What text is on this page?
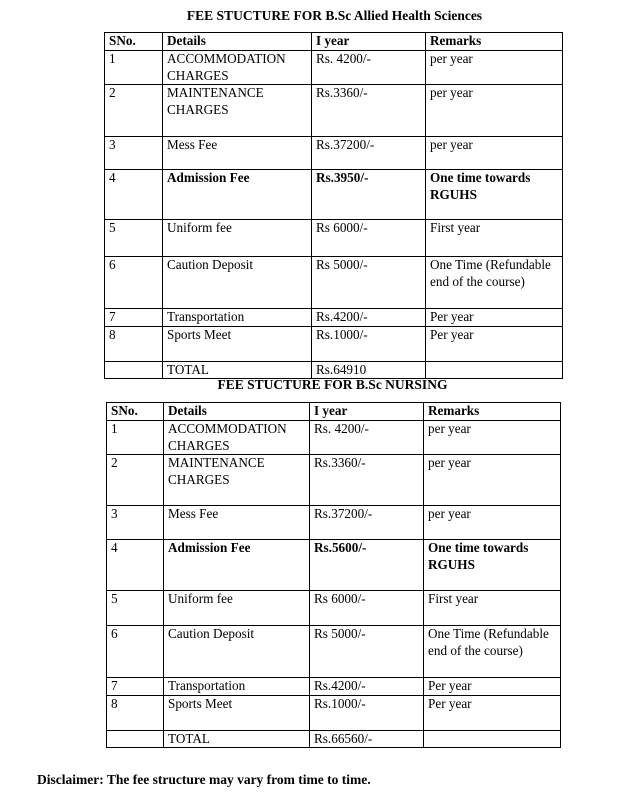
FEE STUCTURE FOR B.Sc Allied Health Sciences
SNo.	Details	I year	Remarks
1	ACCOMMODATION CHARGES	Rs. 4200/-	per year
2	MAINTENANCE CHARGES	Rs.3360/-	per year
3	Mess Fee	Rs.37200/-	per year
4	Admission Fee	Rs.3950/-	One time towards RGUHS
5	Uniform fee	Rs 6000/-	First year
6	Caution Deposit	Rs 5000/-	One Time (Refundable end of the course)
7	Transportation	Rs.4200/-	Per year
8	Sports Meet	Rs.1000/-	Per year
	TOTAL	Rs.64910	
FEE STUCTURE FOR B.Sc NURSING
SNo.	Details	I year	Remarks
1	ACCOMMODATION CHARGES	Rs. 4200/-	per year
2	MAINTENANCE CHARGES	Rs.3360/-	per year
3	Mess Fee	Rs.37200/-	per year
4	Admission Fee	Rs.5600/-	One time towards RGUHS
5	Uniform fee	Rs 6000/-	First year
6	Caution Deposit	Rs 5000/-	One Time (Refundable end of the course)
7	Transportation	Rs.4200/-	Per year
8	Sports Meet	Rs.1000/-	Per year
	TOTAL	Rs.66560/-	
Disclaimer: The fee structure may vary from time to time.
